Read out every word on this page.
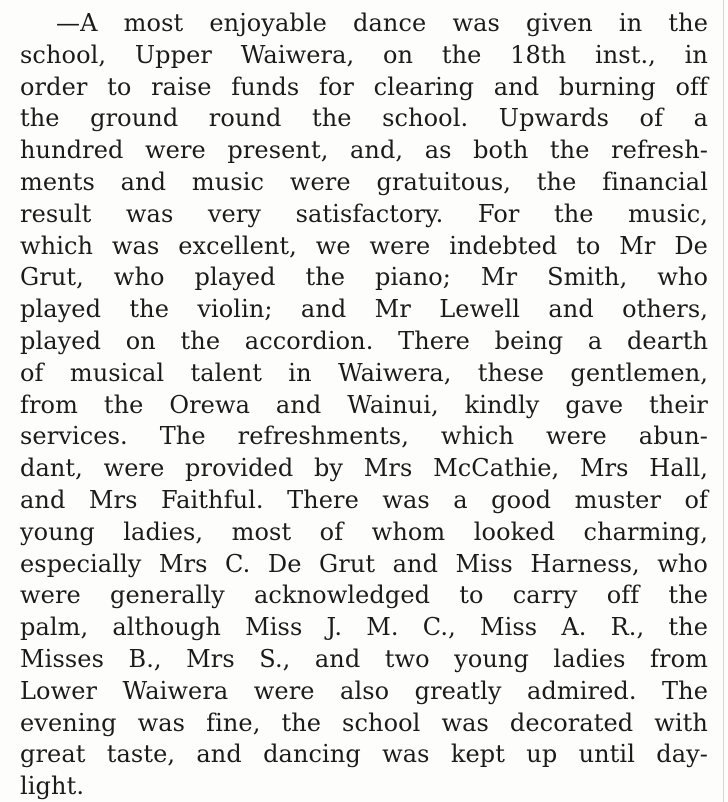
—A most enjoyable dance was given in the
school, Upper Waiwera, on the 18th inst., in
order to raise funds for clearing and burning off
the ground round the school. Upwards of a
hundred were present, and, as both the refresh-
ments and music were gratuitous, the financial
result was very satisfactory. For the music,
which was excellent, we were indebted to Mr De
Grut, who played the piano; Mr Smith, who
played the violin; and Mr Lewell and others,
played on the accordion. There being a dearth
of musical talent in Waiwera, these gentlemen,
from the Orewa and Wainui, kindly gave their
services. The refreshments, which were abun-
dant, were provided by Mrs McCathie, Mrs Hall,
and Mrs Faithful. There was a good muster of
young ladies, most of whom looked charming,
especially Mrs C. De Grut and Miss Harness, who
were generally acknowledged to carry off the
palm, although Miss J. M. C., Miss A. R., the
Misses B., Mrs S., and two young ladies from
Lower Waiwera were also greatly admired. The
evening was fine, the school was decorated with
great taste, and dancing was kept up until day-
light.
